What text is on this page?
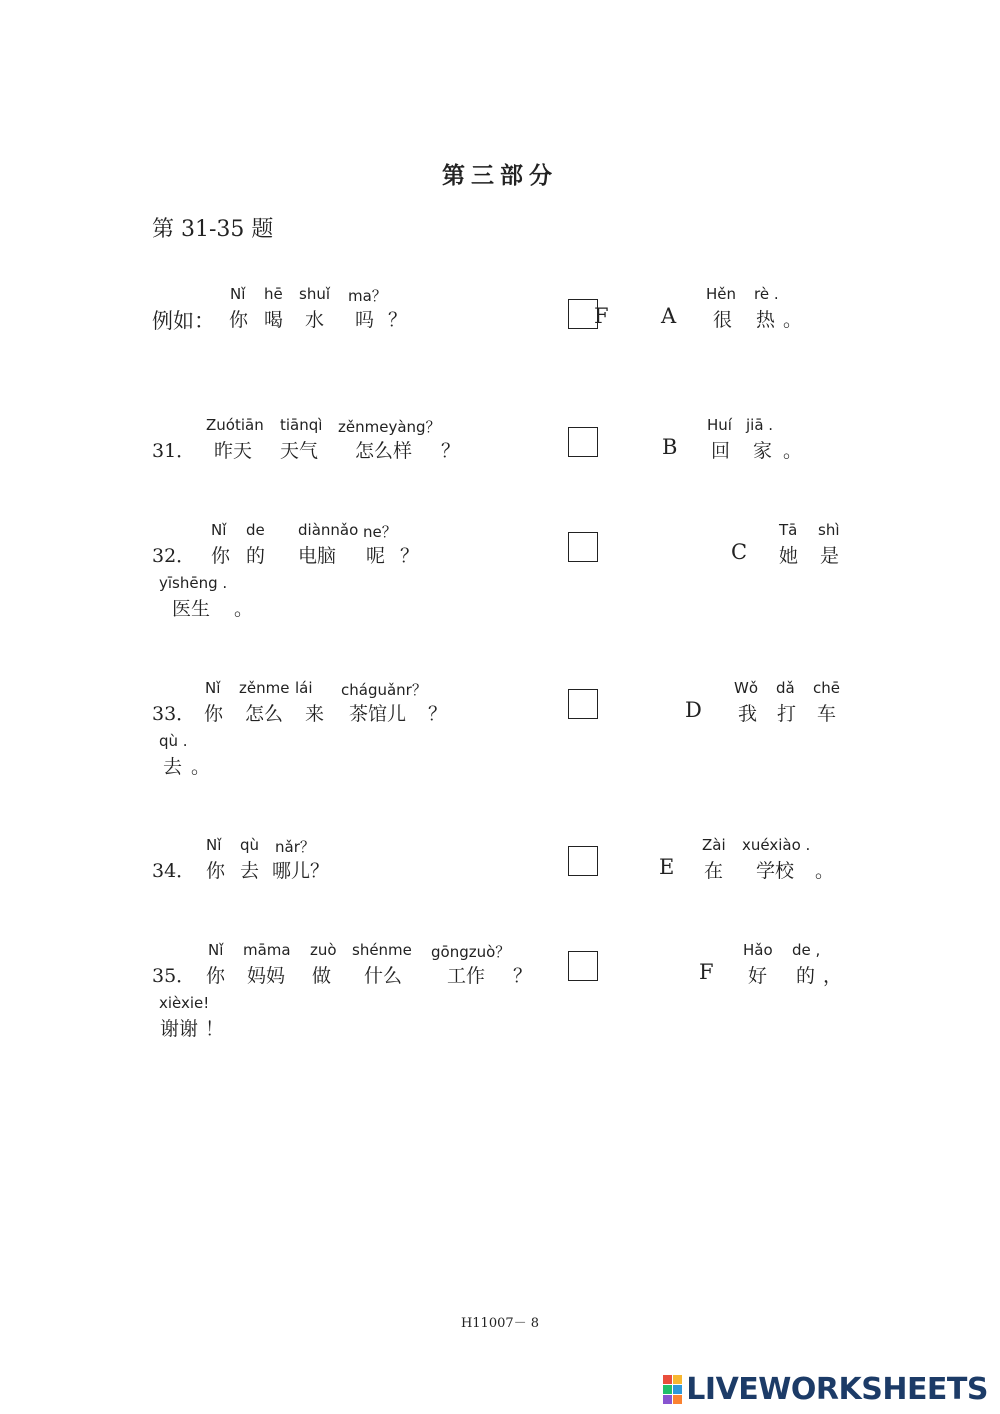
第三部分
第 31-35 题
Nǐ hē shuǐ ma？
例如： 你 喝 水 吗 ？	F
Zuótiān tiānqì zěnmeyàng？
31． 昨天 天气 怎么样 ？
Nǐ de diànnǎo ne？
32． 你 的 电脑 呢 ？
Nǐ zěnme lái cháguǎnr？
33． 你 怎么 来 茶馆儿 ？
Nǐ qù nǎr？
34． 你 去 哪儿？
Nǐ māma zuò shénme gōngzuò？
35． 你 妈妈 做 什么 工作 ？
Hěn rè .
A 很 热 。
Huí jiā .
B 回 家 。
Tā shì
C 她 是
yīshēng .
医生 。
Wǒ dǎ chē
D 我 打 车
qù .
去 。
Zài xuéxiào .
E 在 学校 。
Hǎo de ,
F 好 的 ，
xièxie!
谢谢 ！
H11007－ 8
LIVEWORKSHEETS
